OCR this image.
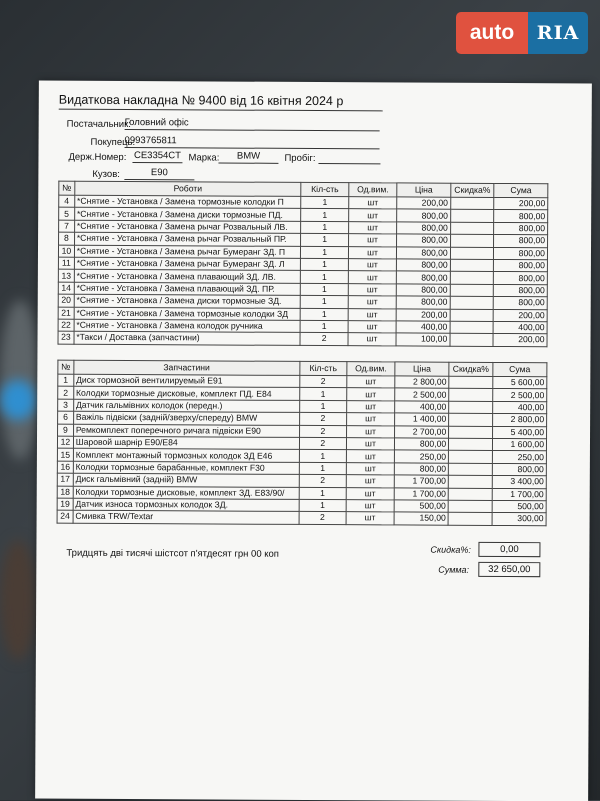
auto	RIA
Видаткова накладна № 9400 від 16 квітня 2024 р
Постачальник:
Головний офіс
Покупець:
0993765811
Держ.Номер: CE3354CT Марка:	BMW	Пробіг:
Кузов:	E90
№	Роботи	Кіл-сть	Од.вим.	Ціна	Скидка%	Сума
4	*Снятие - Установка / Замена тормозные колодки П	1	шт	200,00		200,00
5	*Снятие - Установка / Замена диски тормозные ПД.	1	шт	800,00		800,00
7	*Снятие - Установка / Замена рычаг Розвальный ЛВ.	1	шт	800,00		800,00
8	*Снятие - Установка / Замена рычаг Розвальный ПР.	1	шт	800,00		800,00
10	*Снятие - Установка / Замена рычаг Бумеранг ЗД. П	1	шт	800,00		800,00
11	*Снятие - Установка / Замена рычаг Бумеранг ЗД. Л	1	шт	800,00		800,00
13	*Снятие - Установка / Замена плавающий ЗД. ЛВ.	1	шт	800,00		800,00
14	*Снятие - Установка / Замена плавающий ЗД. ПР.	1	шт	800,00		800,00
20	*Снятие - Установка / Замена диски тормозные ЗД.	1	шт	800,00		800,00
21	*Снятие - Установка / Замена тормозные колодки ЗД	1	шт	200,00		200,00
22	*Снятие - Установка / Замена колодок ручника	1	шт	400,00		400,00
23	*Такси / Доставка (запчастини)	2	шт	100,00		200,00
№	Запчастини	Кіл-сть	Од.вим.	Ціна	Скидка%	Сума
1	Диск тормозной вентилируемый E91	2	шт	2 800,00		5 600,00
2	Колодки тормозные дисковые, комплект ПД. E84	1	шт	2 500,00		2 500,00
3	Датчик гальмівних колодок (передн.)	1	шт	400,00		400,00
6	Важіль підвіски (задній/зверху/спереду) BMW	2	шт	1 400,00		2 800,00
9	Ремкомплект поперечного ричага підвіски E90	2	шт	2 700,00		5 400,00
12	Шаровой шарнір E90/E84	2	шт	800,00		1 600,00
15	Комплект монтажный тормозных колодок ЗД E46	1	шт	250,00		250,00
16	Колодки тормозные барабанные, комплект F30	1	шт	800,00		800,00
17	Диск гальмівний (задній) BMW	2	шт	1 700,00		3 400,00
18	Колодки тормозные дисковые, комплект ЗД. E83/90/	1	шт	1 700,00		1 700,00
19	Датчик износа тормозных колодок ЗД.	1	шт	500,00		500,00
24	Смивка TRW/Textar	2	шт	150,00		300,00
Тридцять дві тисячі шістсот п'ятдесят грн 00 коп	Скидка%:	0,00
Сумма:	32 650,00
